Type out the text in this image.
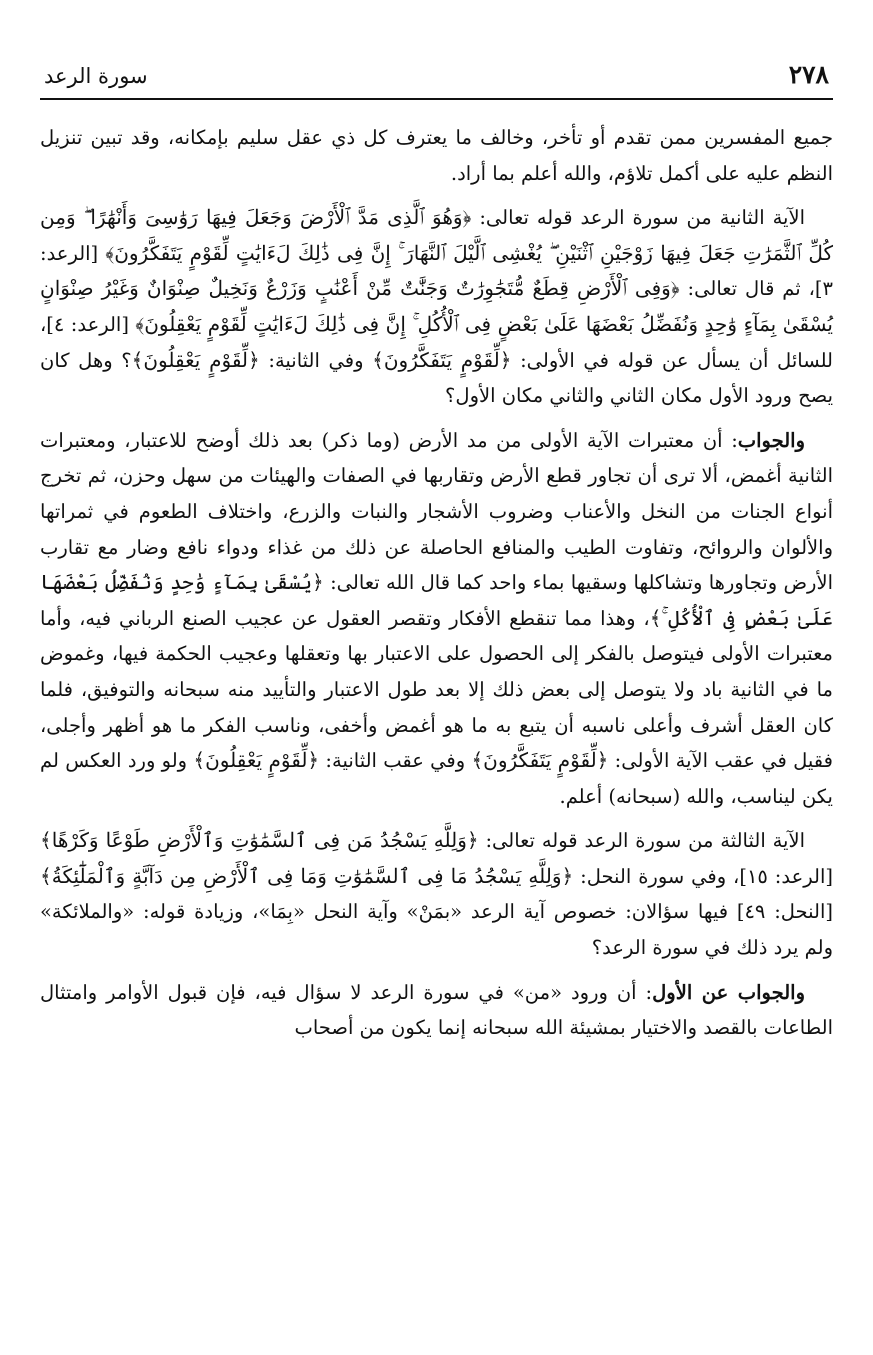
٢٧٨
سورة الرعد

جميع المفسرين ممن تقدم أو تأخر، وخالف ما يعترف كل ذي عقل سليم بإمكانه، وقد تبين تنزيل النظم عليه على أكمل تلاؤم، والله أعلم بما أراد.

الآية الثانية من سورة الرعد قوله تعالى: ﴿وَهُوَ ٱلَّذِى مَدَّ ٱلْأَرْضَ وَجَعَلَ فِيهَا رَوَٰسِىَ وَأَنْهَٰرًا ۖ وَمِن كُلِّ ٱلثَّمَرَٰتِ جَعَلَ فِيهَا زَوْجَيْنِ ٱثْنَيْنِ ۖ يُغْشِى ٱلَّيْلَ ٱلنَّهَارَ ۚ إِنَّ فِى ذَٰلِكَ لَءَايَٰتٍ لِّقَوْمٍ يَتَفَكَّرُونَ﴾ [الرعد: ٣]، ثم قال تعالى: ﴿وَفِى ٱلْأَرْضِ قِطَعٌ مُّتَجَٰوِرَٰتٌ وَجَنَّٰتٌ مِّنْ أَعْنَٰبٍ وَزَرْعٌ وَنَخِيلٌ صِنْوَانٌ وَغَيْرُ صِنْوَانٍ يُسْقَىٰ بِمَآءٍ وَٰحِدٍ وَنُفَضِّلُ بَعْضَهَا عَلَىٰ بَعْضٍ فِى ٱلْأُكُلِ ۚ إِنَّ فِى ذَٰلِكَ لَءَايَٰتٍ لِّقَوْمٍ يَعْقِلُونَ﴾ [الرعد: ٤]، للسائل أن يسأل عن قوله في الأولى: ﴿لِّقَوْمٍ يَتَفَكَّرُونَ﴾ وفي الثانية: ﴿لِّقَوْمٍ يَعْقِلُونَ﴾؟ وهل كان يصح ورود الأول مكان الثاني والثاني مكان الأول؟

والجواب: أن معتبرات الآية الأولى من مد الأرض (وما ذكر) بعد ذلك أوضح للاعتبار، ومعتبرات الثانية أغمض، ألا ترى أن تجاور قطع الأرض وتقاربها في الصفات والهيئات من سهل وحزن، ثم تخرج أنواع الجنات من النخل والأعناب وضروب الأشجار والنبات والزرع، واختلاف الطعوم في ثمراتها والألوان والروائح، وتفاوت الطيب والمنافع الحاصلة عن ذلك من غذاء ودواء نافع وضار مع تقارب الأرض وتجاورها وتشاكلها وسقيها بماء واحد كما قال الله تعالى: ﴿يُسْقَىٰ بِمَآءٍ وَٰحِدٍ وَنُفَضِّلُ بَعْضَهَا عَلَىٰ بَعْضٍ فِى ٱلْأُكُلِ ۚ﴾، وهذا مما تنقطع الأفكار وتقصر العقول عن عجيب الصنع الرباني فيه، وأما معتبرات الأولى فيتوصل بالفكر إلى الحصول على الاعتبار بها وتعقلها وعجيب الحكمة فيها، وغموض ما في الثانية باد ولا يتوصل إلى بعض ذلك إلا بعد طول الاعتبار والتأييد منه سبحانه والتوفيق، فلما كان العقل أشرف وأعلى ناسبه أن يتبع به ما هو أغمض وأخفى، وناسب الفكر ما هو أظهر وأجلى، فقيل في عقب الآية الأولى: ﴿لِّقَوْمٍ يَتَفَكَّرُونَ﴾ وفي عقب الثانية: ﴿لِّقَوْمٍ يَعْقِلُونَ﴾ ولو ورد العكس لم يكن ليناسب، والله (سبحانه) أعلم.

الآية الثالثة من سورة الرعد قوله تعالى: ﴿وَلِلَّهِ يَسْجُدُ مَن فِى ٱلسَّمَٰوَٰتِ وَٱلْأَرْضِ طَوْعًا وَكَرْهًا﴾ [الرعد: ١٥]، وفي سورة النحل: ﴿وَلِلَّهِ يَسْجُدُ مَا فِى ٱلسَّمَٰوَٰتِ وَمَا فِى ٱلْأَرْضِ مِن دَآبَّةٍ وَٱلْمَلَٰٓئِكَةُ﴾ [النحل: ٤٩] فيها سؤالان: خصوص آية الرعد «بمَنْ» وآية النحل «بِمَا»، وزيادة قوله: «والملائكة» ولم يرد ذلك في سورة الرعد؟

والجواب عن الأول: أن ورود «من» في سورة الرعد لا سؤال فيه، فإن قبول الأوامر وامتثال الطاعات بالقصد والاختيار بمشيئة الله سبحانه إنما يكون من أصحاب
